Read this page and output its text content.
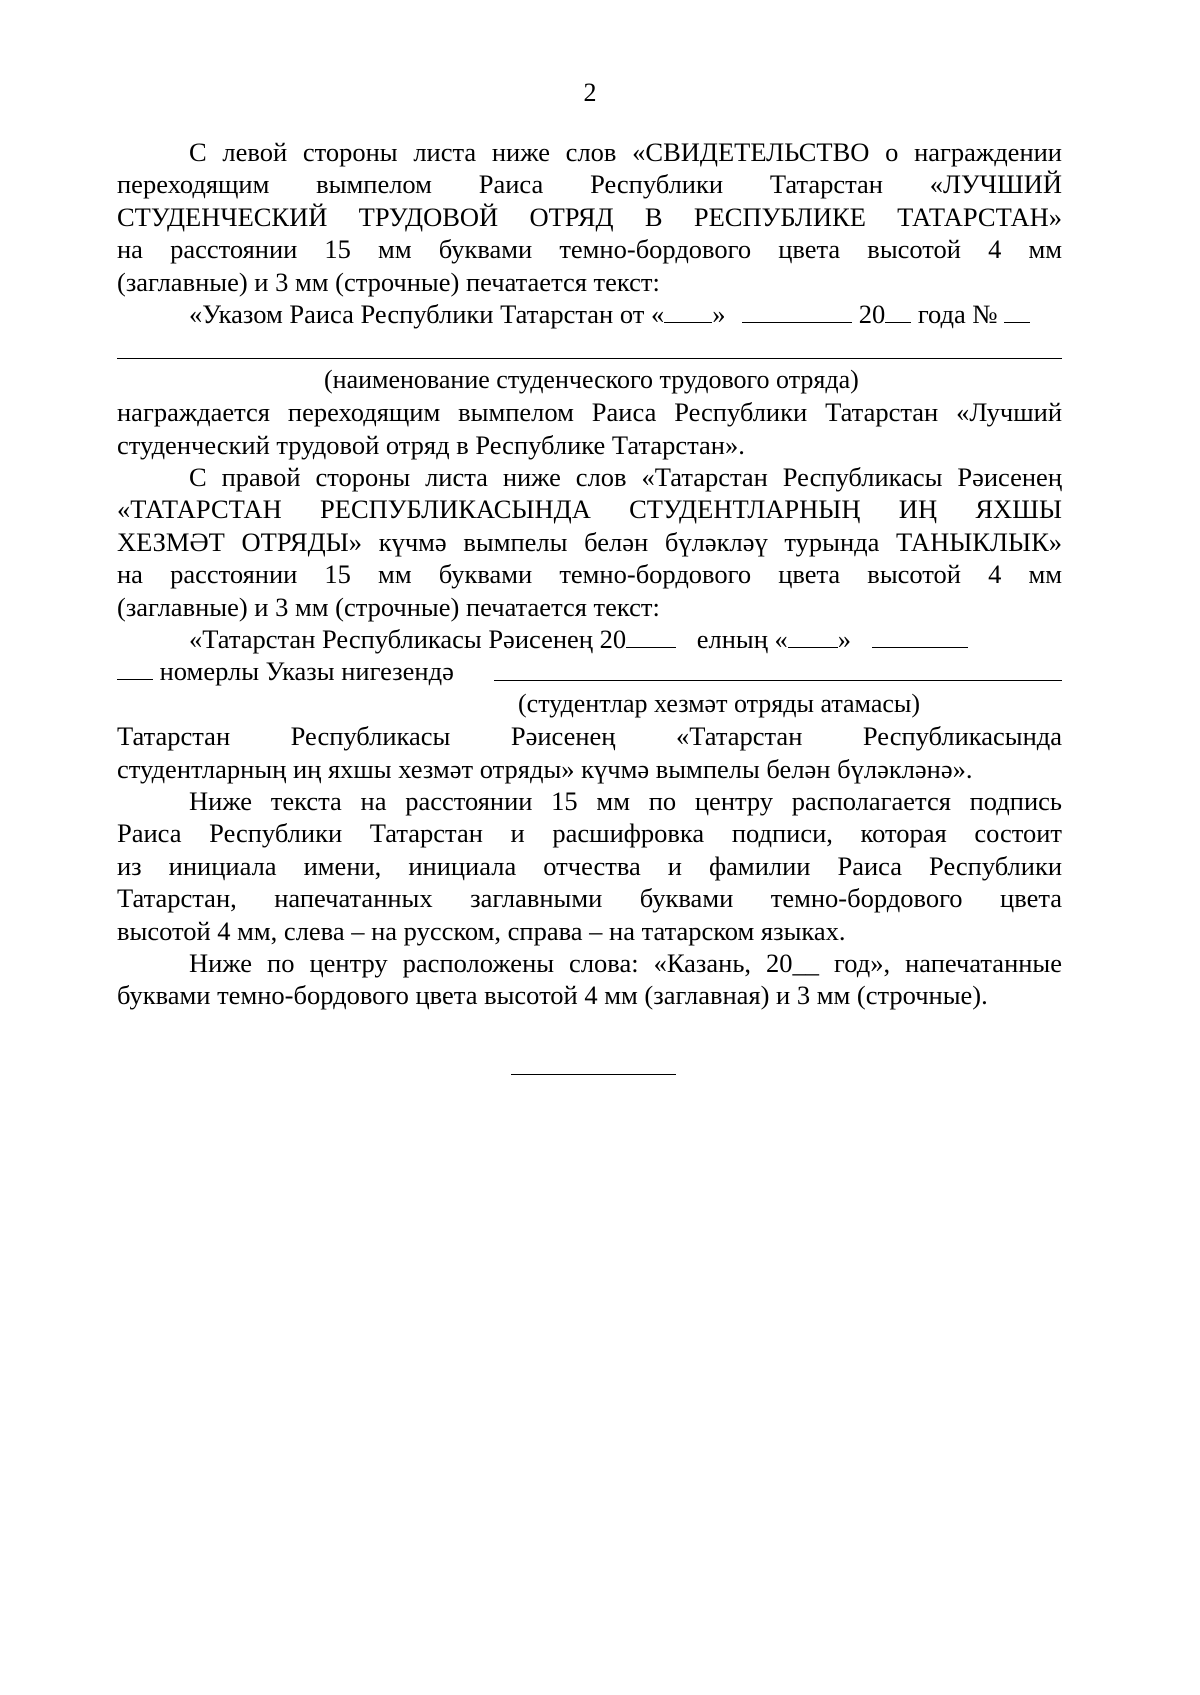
2
С левой стороны листа ниже слов «СВИДЕТЕЛЬСТВО о награждении
переходящим вымпелом Раиса Республики Татарстан «ЛУЧШИЙ
СТУДЕНЧЕСКИЙ ТРУДОВОЙ ОТРЯД В РЕСПУБЛИКЕ ТАТАРСТАН»
на расстоянии 15 мм буквами темно-бордового цвета высотой 4 мм
(заглавные) и 3 мм (строчные) печатается текст:
«Указом Раиса Республики Татарстан от « »	20 года №
(наименование студенческого трудового отряда)
награждается переходящим вымпелом Раиса Республики Татарстан «Лучший
студенческий трудовой отряд в Республике Татарстан».
С правой стороны листа ниже слов «Татарстан Республикасы Рәисенең
«ТАТАРСТАН РЕСПУБЛИКАСЫНДА СТУДЕНТЛАРНЫҢ ИҢ ЯХШЫ
ХЕЗМӘТ ОТРЯДЫ» күчмә вымпелы белән бүләкләү турында ТАНЫКЛЫК»
на расстоянии 15 мм буквами темно-бордового цвета высотой 4 мм
(заглавные) и 3 мм (строчные) печатается текст:
«Татарстан Республикасы Рәисенең 20	елның « »
номерлы Указы нигезендә
(студентлар хезмәт отряды атамасы)
Татарстан Республикасы Рәисенең «Татарстан Республикасында
студентларның иң яхшы хезмәт отряды» күчмә вымпелы белән бүләкләнә».
Ниже текста на расстоянии 15 мм по центру располагается подпись
Раиса Республики Татарстан и расшифровка подписи, которая состоит
из инициала имени, инициала отчества и фамилии Раиса Республики
Татарстан, напечатанных заглавными буквами темно-бордового цвета
высотой 4 мм, слева – на русском, справа – на татарском языках.
Ниже по центру расположены слова: «Казань, 20__ год», напечатанные
буквами темно-бордового цвета высотой 4 мм (заглавная) и 3 мм (строчные).
